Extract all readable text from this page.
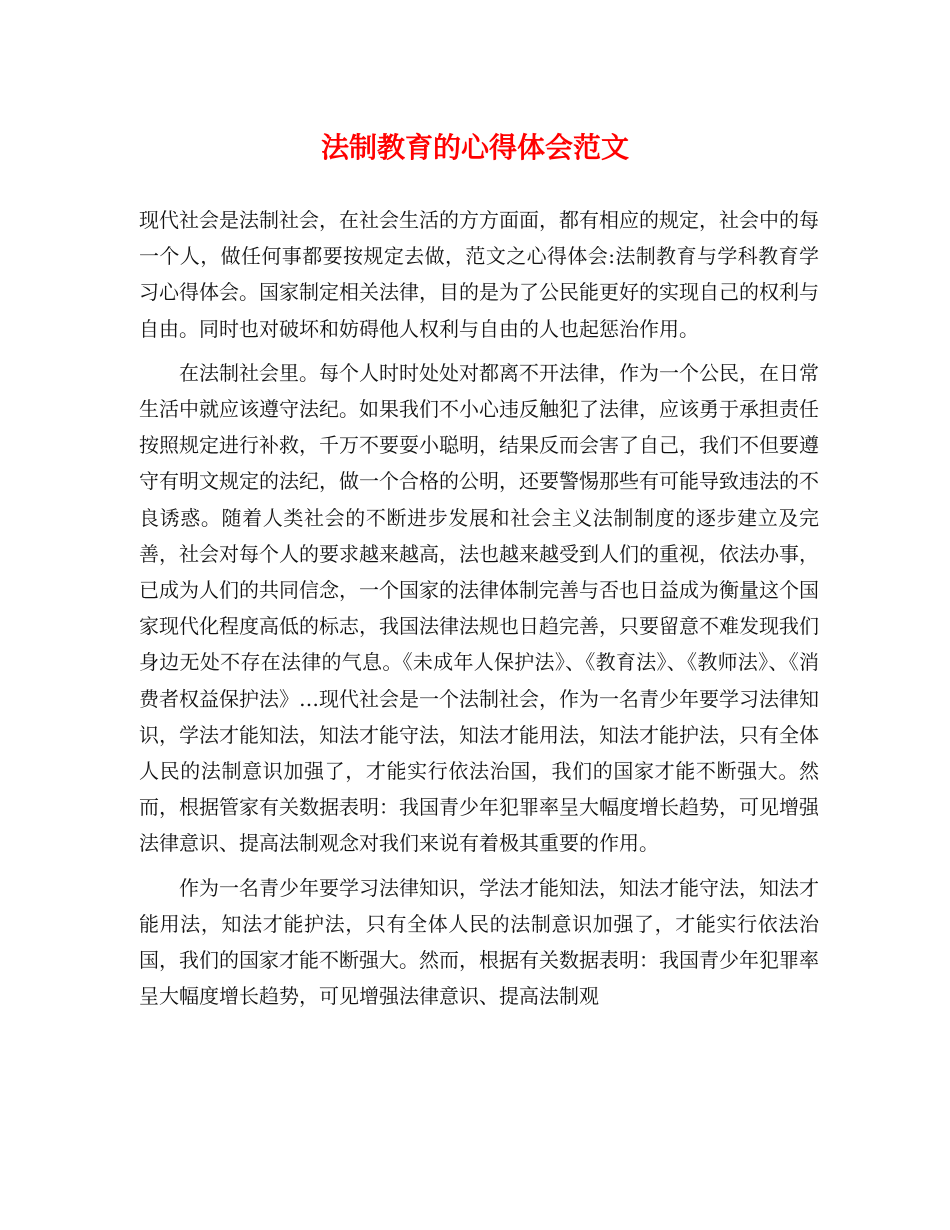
法制教育的心得体会范文

现代社会是法制社会，在社会生活的方方面面，都有相应的规定，社会中的每一个人，做任何事都要按规定去做，范文之心得体会:法制教育与学科教育学习心得体会。国家制定相关法律，目的是为了公民能更好的实现自己的权利与自由。同时也对破坏和妨碍他人权利与自由的人也起惩治作用。

在法制社会里。每个人时时处处对都离不开法律，作为一个公民，在日常生活中就应该遵守法纪。如果我们不小心违反触犯了法律，应该勇于承担责任按照规定进行补救，千万不要耍小聪明，结果反而会害了自己，我们不但要遵守有明文规定的法纪，做一个合格的公明，还要警惕那些有可能导致违法的不良诱惑。随着人类社会的不断进步发展和社会主义法制制度的逐步建立及完善，社会对每个人的要求越来越高，法也越来越受到人们的重视，依法办事，已成为人们的共同信念，一个国家的法律体制完善与否也日益成为衡量这个国家现代化程度高低的标志，我国法律法规也日趋完善，只要留意不难发现我们身边无处不存在法律的气息。《未成年人保护法》、《教育法》、《教师法》、《消费者权益保护法》…现代社会是一个法制社会，作为一名青少年要学习法律知识，学法才能知法，知法才能守法，知法才能用法，知法才能护法，只有全体人民的法制意识加强了，才能实行依法治国，我们的国家才能不断强大。然而，根据管家有关数据表明：我国青少年犯罪率呈大幅度增长趋势，可见增强法律意识、提高法制观念对我们来说有着极其重要的作用。

作为一名青少年要学习法律知识，学法才能知法，知法才能守法，知法才能用法，知法才能护法，只有全体人民的法制意识加强了，才能实行依法治国，我们的国家才能不断强大。然而，根据有关数据表明：我国青少年犯罪率呈大幅度增长趋势，可见增强法律意识、提高法制观
